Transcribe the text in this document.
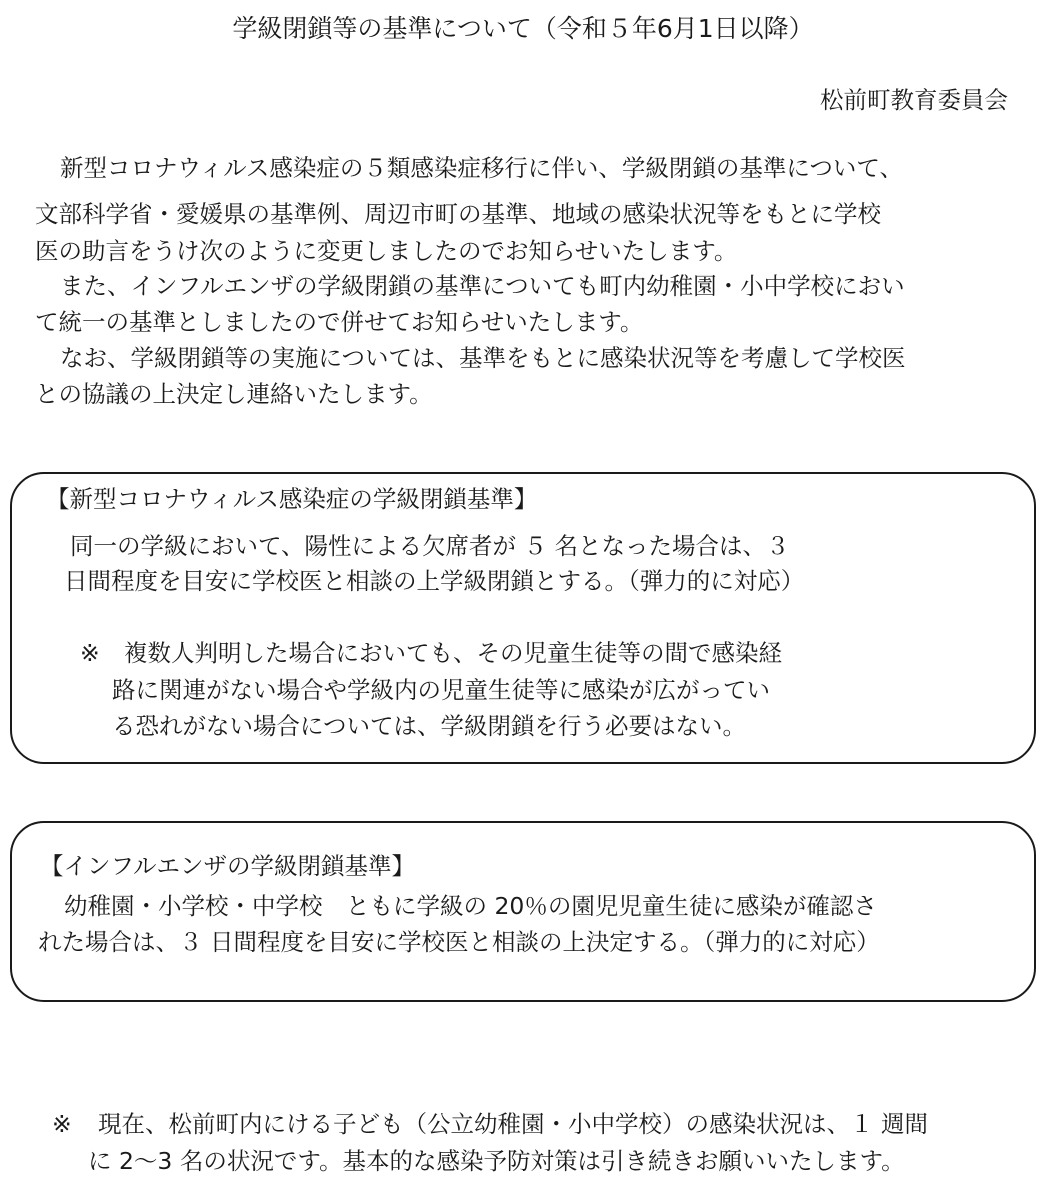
学級閉鎖等の基準について（令和５年6月1日以降）
松前町教育委員会
新型コロナウィルス感染症の５類感染症移行に伴い、学級閉鎖の基準について、
文部科学省・愛媛県の基準例、周辺市町の基準、地域の感染状況等をもとに学校
医の助言をうけ次のように変更しましたのでお知らせいたします。
また、インフルエンザの学級閉鎖の基準についても町内幼稚園・小中学校におい
て統一の基準としましたので併せてお知らせいたします。
なお、学級閉鎖等の実施については、基準をもとに感染状況等を考慮して学校医
との協議の上決定し連絡いたします。
【新型コロナウィルス感染症の学級閉鎖基準】
同一の学級において、陽性による欠席者が ５ 名となった場合は、３
日間程度を目安に学校医と相談の上学級閉鎖とする。（弾力的に対応）
※ 複数人判明した場合においても、その児童生徒等の間で感染経
路に関連がない場合や学級内の児童生徒等に感染が広がってい
る恐れがない場合については、学級閉鎖を行う必要はない。
【インフルエンザの学級閉鎖基準】
幼稚園・小学校・中学校　ともに学級の 20％の園児児童生徒に感染が確認さ
れた場合は、３ 日間程度を目安に学校医と相談の上決定する。（弾力的に対応）
※ 現在、松前町内にける子ども（公立幼稚園・小中学校）の感染状況は、１ 週間
に 2～3 名の状況です。基本的な感染予防対策は引き続きお願いいたします。
